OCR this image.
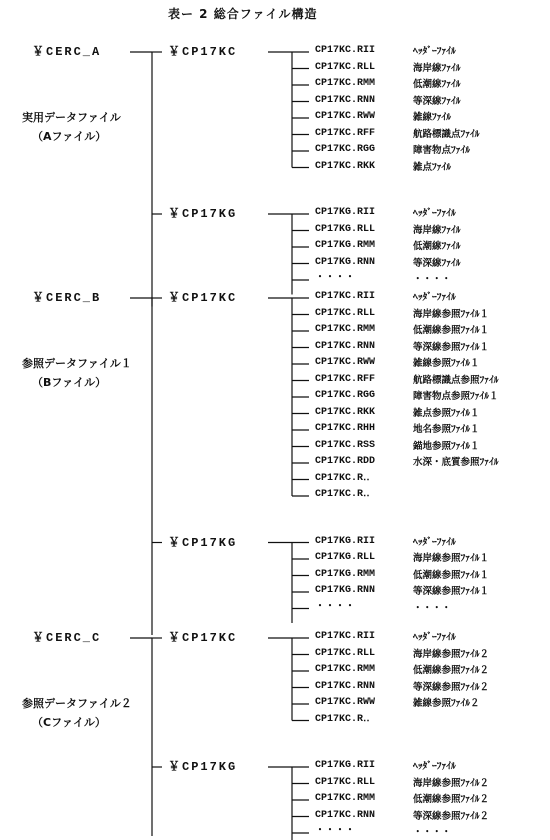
表ー 2 総合ファイル構造
￥CERC_A
実用データファイル
（Aファイル）
￥CP17KC	CP17KC.RII	ﾍｯﾀﾞｰﾌｧｲﾙ
CP17KC.RLL	海岸線ﾌｧｲﾙ
CP17KC.RMM	低潮線ﾌｧｲﾙ
CP17KC.RNN	等深線ﾌｧｲﾙ
CP17KC.RWW	雑線ﾌｧｲﾙ
CP17KC.RFF	航路標識点ﾌｧｲﾙ
CP17KC.RGG	障害物点ﾌｧｲﾙ
CP17KC.RKK	雑点ﾌｧｲﾙ
￥CP17KG	CP17KG.RII	ﾍｯﾀﾞｰﾌｧｲﾙ
CP17KG.RLL	海岸線ﾌｧｲﾙ
CP17KG.RMM	低潮線ﾌｧｲﾙ
CP17KG.RNN	等深線ﾌｧｲﾙ
・・・・	・・・・
￥CERC_B
参照データファイル１
（Bファイル）
￥CP17KC	CP17KC.RII	ﾍｯﾀﾞｰﾌｧｲﾙ
CP17KC.RLL	海岸線参照ﾌｧｲﾙ１
CP17KC.RMM	低潮線参照ﾌｧｲﾙ１
CP17KC.RNN	等深線参照ﾌｧｲﾙ１
CP17KC.RWW	雑線参照ﾌｧｲﾙ１
CP17KC.RFF	航路標識点参照ﾌｧｲﾙ
CP17KC.RGG	障害物点参照ﾌｧｲﾙ１
CP17KC.RKK	雑点参照ﾌｧｲﾙ１
CP17KC.RHH	地名参照ﾌｧｲﾙ１
CP17KC.RSS	錨地参照ﾌｧｲﾙ１
CP17KC.RDD	水深・底質参照ﾌｧｲﾙ
CP17KC.R‥
CP17KC.R‥
￥CP17KG	CP17KG.RII	ﾍｯﾀﾞｰﾌｧｲﾙ
CP17KG.RLL	海岸線参照ﾌｧｲﾙ１
CP17KG.RMM	低潮線参照ﾌｧｲﾙ１
CP17KG.RNN	等深線参照ﾌｧｲﾙ１
・・・・	・・・・
￥CERC_C
参照データファイル２
（Cファイル）
￥CP17KC	CP17KC.RII	ﾍｯﾀﾞｰﾌｧｲﾙ
CP17KC.RLL	海岸線参照ﾌｧｲﾙ２
CP17KC.RMM	低潮線参照ﾌｧｲﾙ２
CP17KC.RNN	等深線参照ﾌｧｲﾙ２
CP17KC.RWW	雑線参照ﾌｧｲﾙ２
CP17KC.R‥
￥CP17KG	CP17KG.RII	ﾍｯﾀﾞｰﾌｧｲﾙ
CP17KC.RLL	海岸線参照ﾌｧｲﾙ２
CP17KC.RMM	低潮線参照ﾌｧｲﾙ２
CP17KC.RNN	等深線参照ﾌｧｲﾙ２
・・・・	・・・・
